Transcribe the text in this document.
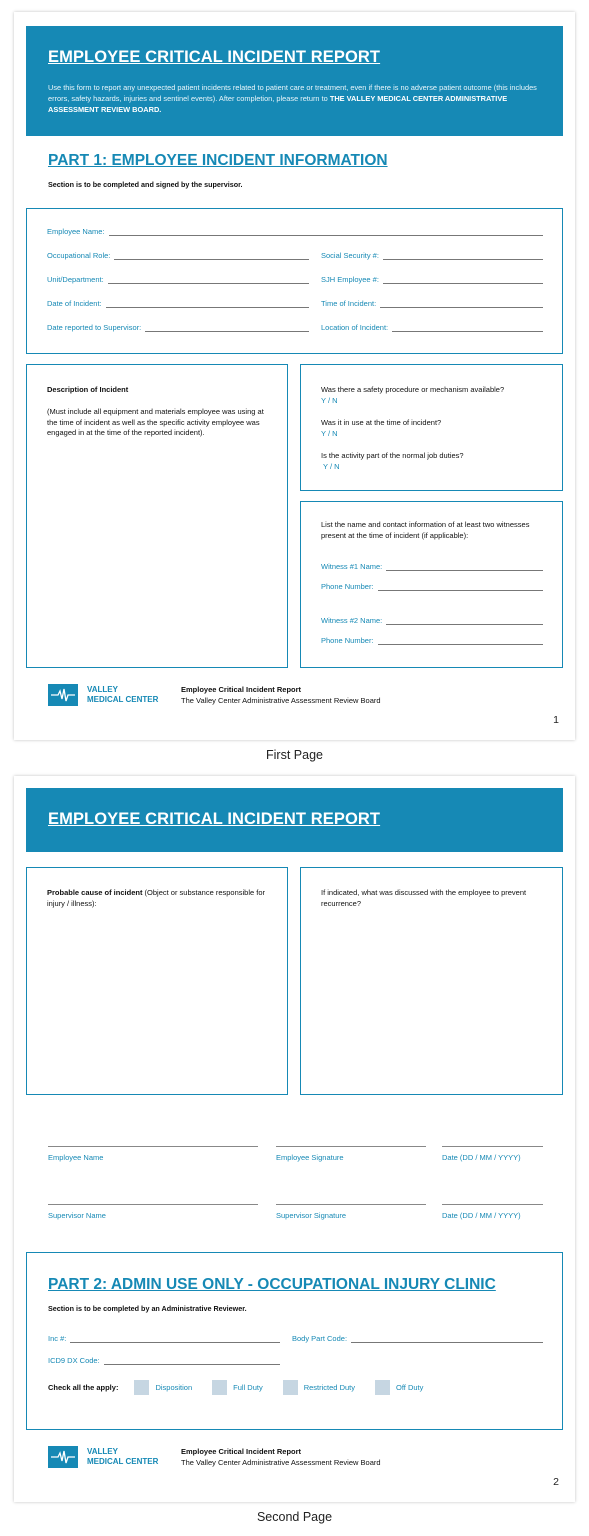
EMPLOYEE CRITICAL INCIDENT REPORT

Use this form to report any unexpected patient incidents related to patient care or treatment, even if there is no adverse patient outcome (this includes errors, safety hazards, injuries and sentinel events). After completion, please return to THE VALLEY MEDICAL CENTER ADMINISTRATIVE ASSESSMENT REVIEW BOARD.

PART 1: EMPLOYEE INCIDENT INFORMATION
Section is to be completed and signed by the supervisor.
Employee Name:
Occupational Role:	Social Security #:
Unit/Department:	SJH Employee #:
Date of Incident:	Time of Incident:
Date reported to Supervisor:	Location of Incident:
Description of Incident
(Must include all equipment and materials employee was using at the time of incident as well as the specific activity employee was engaged in at the time of the reported incident).
Was there a safety procedure or mechanism available?
Y / N
Was it in use at the time of incident?
Y / N
Is the activity part of the normal job duties?
Y / N
List the name and contact information of at least two witnesses present at the time of incident (if applicable):
Witness #1 Name:
Phone Number:
Witness #2 Name:
Phone Number:
VALLEY
MEDICAL CENTER
Employee Critical Incident Report
The Valley Center Administrative Assessment Review Board
1
First Page
EMPLOYEE CRITICAL INCIDENT REPORT
Probable cause of incident (Object or substance responsible for injury / illness):
If indicated, what was discussed with the employee to prevent recurrence?
Employee Name	Employee Signature	Date (DD / MM / YYYY)
Supervisor Name	Supervisor Signature	Date (DD / MM / YYYY)
PART 2: ADMIN USE ONLY - OCCUPATIONAL INJURY CLINIC
Section is to be completed by an Administrative Reviewer.
Inc #:	Body Part Code:
ICD9 DX Code:
Check all the apply:	Disposition	Full Duty	Restricted Duty	Off Duty
VALLEY
MEDICAL CENTER
Employee Critical Incident Report
The Valley Center Administrative Assessment Review Board
2
Second Page
